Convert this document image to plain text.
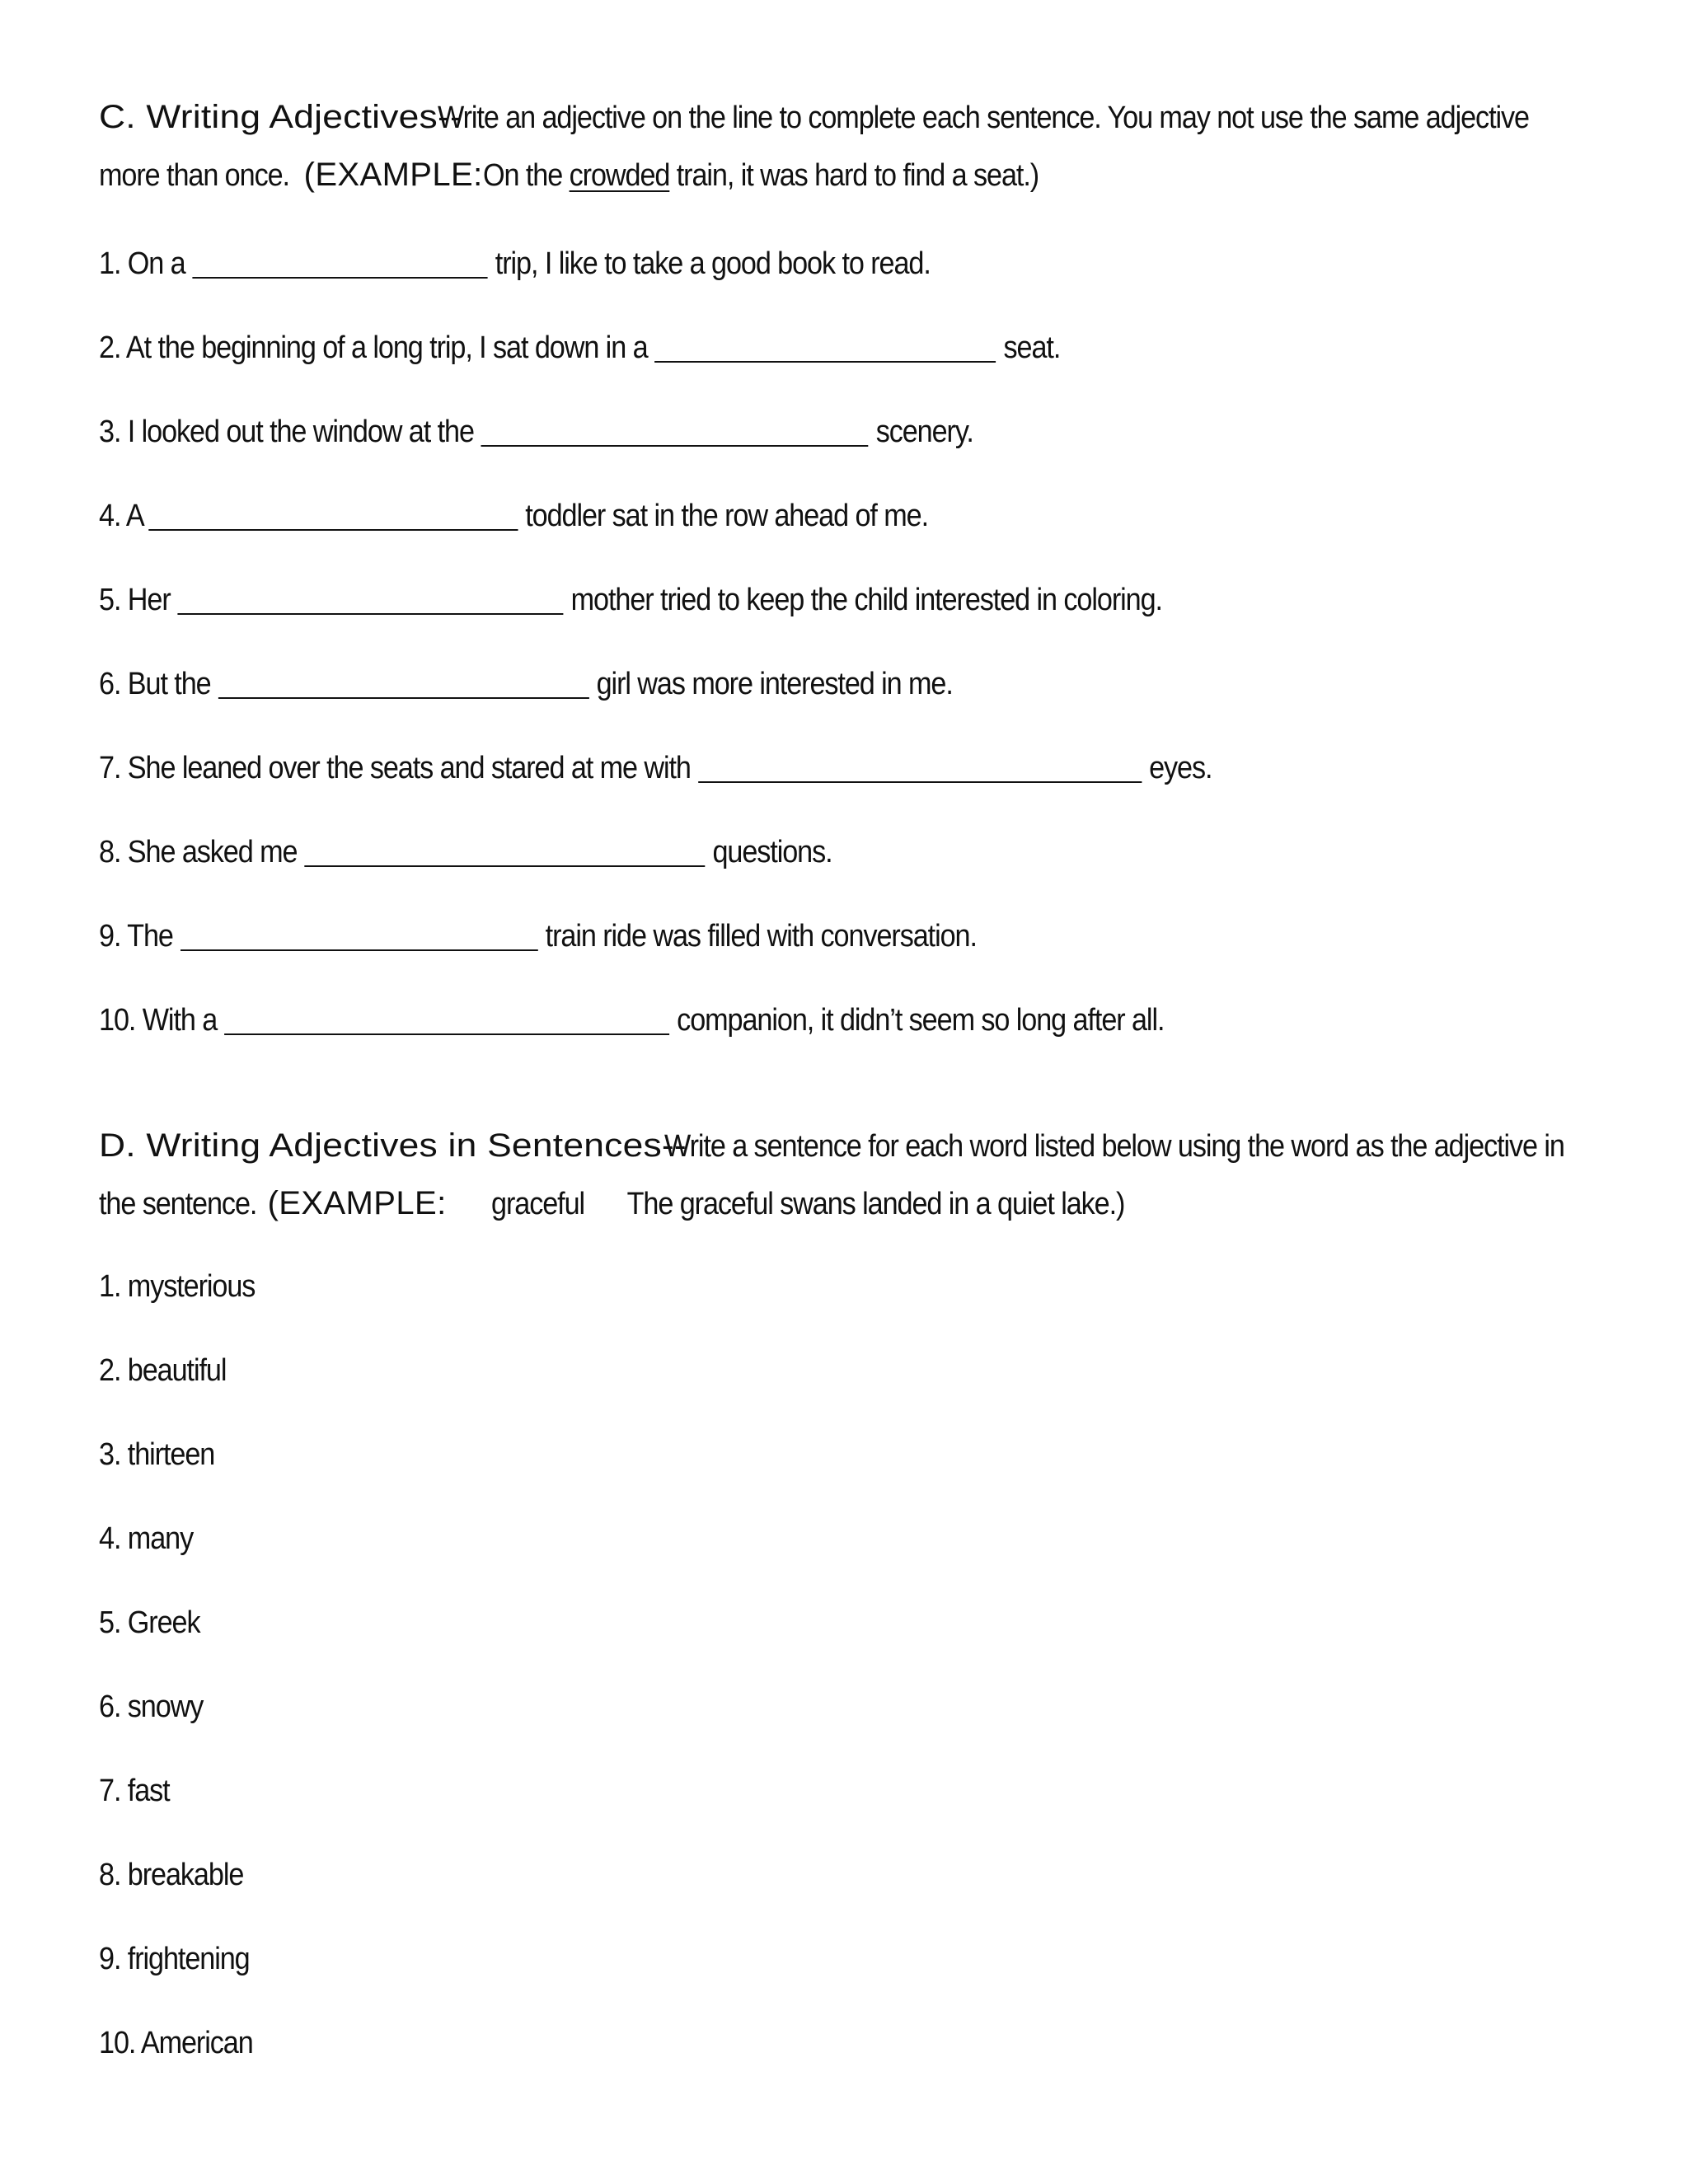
C. Writing Adjectives--Write an adjective on the line to complete each sentence. You may not use the same adjective
more than once.(EXAMPLE:On the crowded train, it was hard to find a seat.)
1. On a	trip, I like to take a good book to read.
2. At the beginning of a long trip, I sat down in a	seat.
3. I looked out the window at the	scenery.
4. A	toddler sat in the row ahead of me.
5. Her	mother tried to keep the child interested in coloring.
6. But the	girl was more interested in me.
7. She leaned over the seats and stared at me with	eyes.
8. She asked me	questions.
9. The	train ride was filled with conversation.
10. With a	companion, it didn’t seem so long after all.
D. Writing Adjectives in Sentences--Write a sentence for each word listed below using the word as the adjective in
the sentence.(EXAMPLE: graceful The graceful swans landed in a quiet lake.)
1. mysterious
2. beautiful
3. thirteen
4. many
5. Greek
6. snowy
7. fast
8. breakable
9. frightening
10. American
